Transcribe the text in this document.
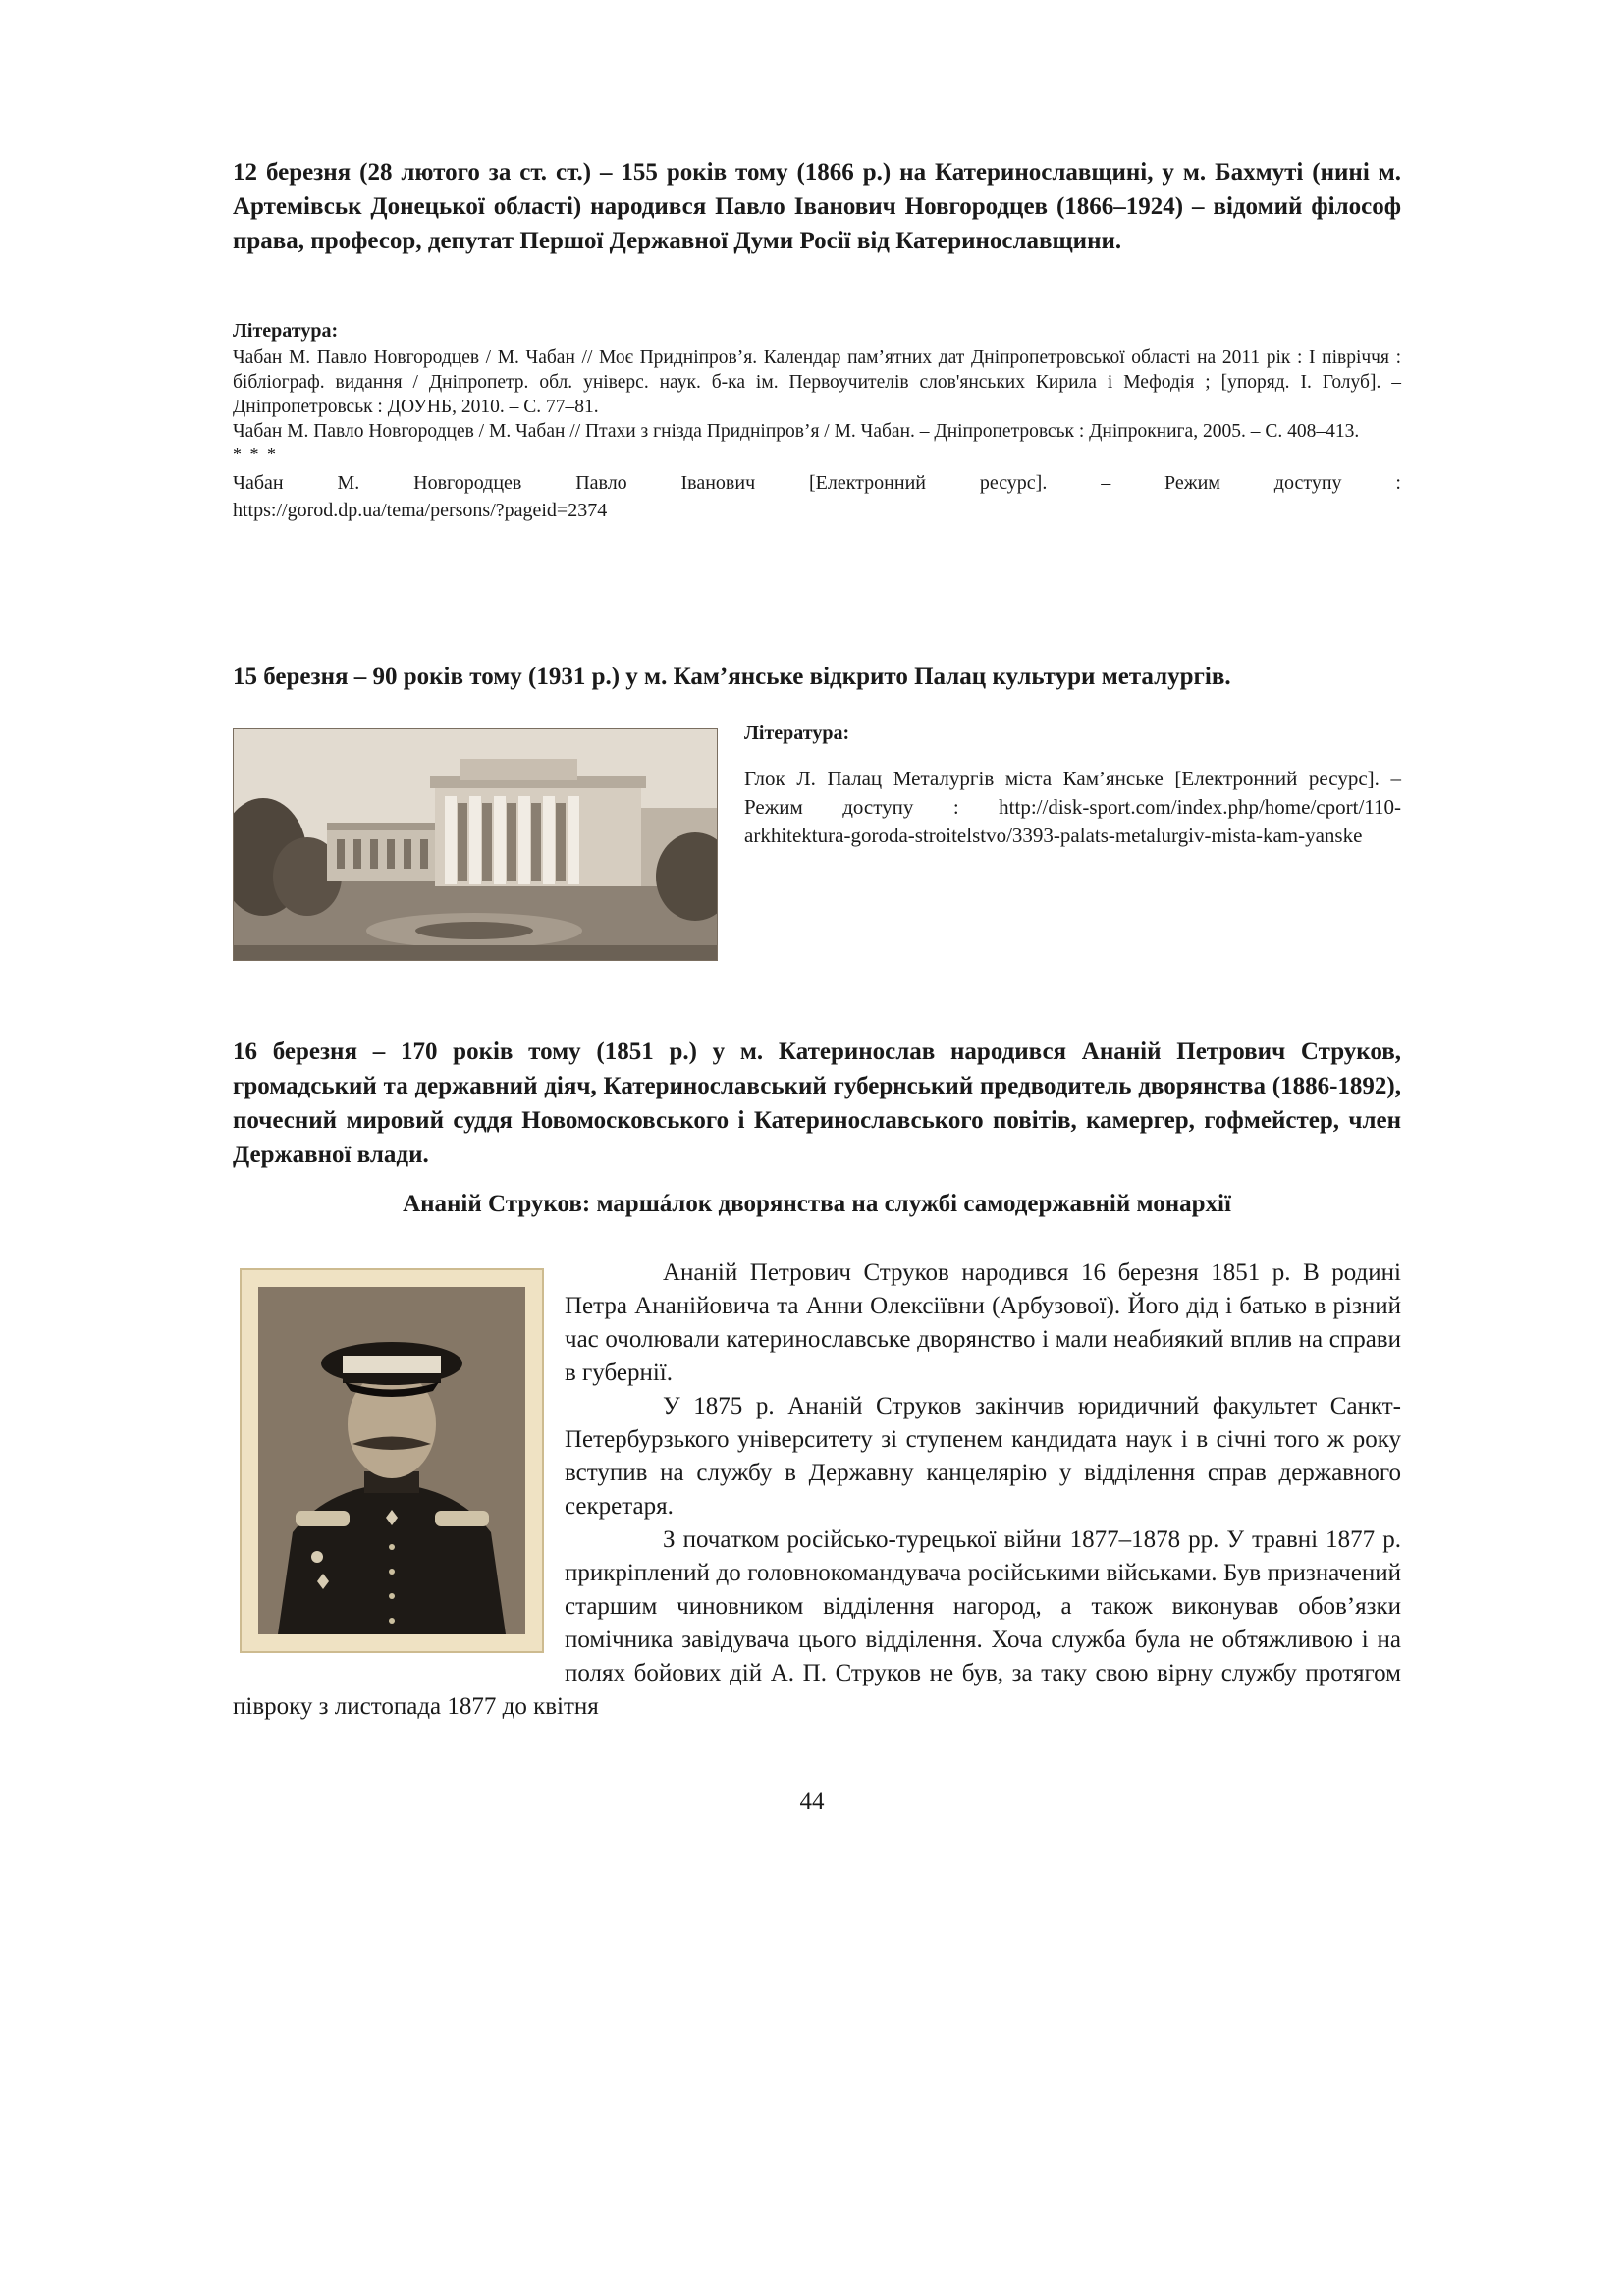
12 березня (28 лютого за ст. ст.) – 155 років тому (1866 р.) на Катеринославщині, у м. Бахмуті (нині м. Артемівськ Донецької області) народився Павло Іванович Новгородцев (1866–1924) – відомий філософ права, професор, депутат Першої Державної Думи Росії від Катеринославщини.
Література:

Чабан М. Павло Новгородцев / М. Чабан // Моє Придніпров’я. Календар пам’ятних дат Дніпропетровської області на 2011 рік : І півріччя : бібліограф. видання / Дніпропетр. обл. універс. наук. б-ка ім. Первоучителів слов'янських Кирила і Мефодія ; [упоряд. І. Голуб]. – Дніпропетровськ : ДОУНБ, 2010. – С. 77–81.

Чабан М. Павло Новгородцев / М. Чабан // Птахи з гнізда Придніпров’я / М. Чабан. – Дніпропетровськ : Дніпрокнига, 2005. – С. 408–413.

* * *
Чабан	М.	Новгородцев	Павло	Іванович	[Електронний	ресурс].	–	Режим	доступу	:
https://gorod.dp.ua/tema/persons/?pageid=2374
15 березня – 90 років тому (1931 р.) у м. Кам’янське відкрито Палац культури металургів.
Література:
Глок Л. Палац Металургів міста Кам’янське [Електронний ресурс]. – Режим доступу : http://disk-sport.com/index.php/home/cport/110-arkhitektura-goroda-stroitelstvo/3393-palats-metalurgiv-mista-kam-yanske
16 березня – 170 років тому (1851 р.) у м. Катеринослав народився Ананій Петрович Струков, громадський та державний діяч, Катеринославський губернський предводитель дворянства (1886-1892), почесний мировий суддя Новомосковського і Катеринославського повітів, камергер, гофмейстер, член Державної влади.
Ананій Струков: маршáлок дворянства на службі самодержавній монархії

Ананій Петрович Струков народився 16 березня 1851 р. В родині Петра Ананійовича та Анни Олексіївни (Арбузової). Його дід і батько в різний час очолювали катеринославське дворянство і мали неабиякий вплив на справи в губернії.

У 1875 р. Ананій Струков закінчив юридичний факультет Санкт-Петербурзького університету зі ступенем кандидата наук і в січні того ж року вступив на службу в Державну канцелярію у відділення справ державного секретаря.

З початком російсько-турецької війни 1877–1878 рр. У травні 1877 р. прикріплений до головнокомандувача російськими військами. Був призначений старшим чиновником відділення нагород, а також виконував обов’язки помічника завідувача цього відділення. Хоча служба була не обтяжливою і на полях бойових дій А. П. Струков не був, за таку свою вірну службу протягом півроку з листопада 1877 до квітня

44
